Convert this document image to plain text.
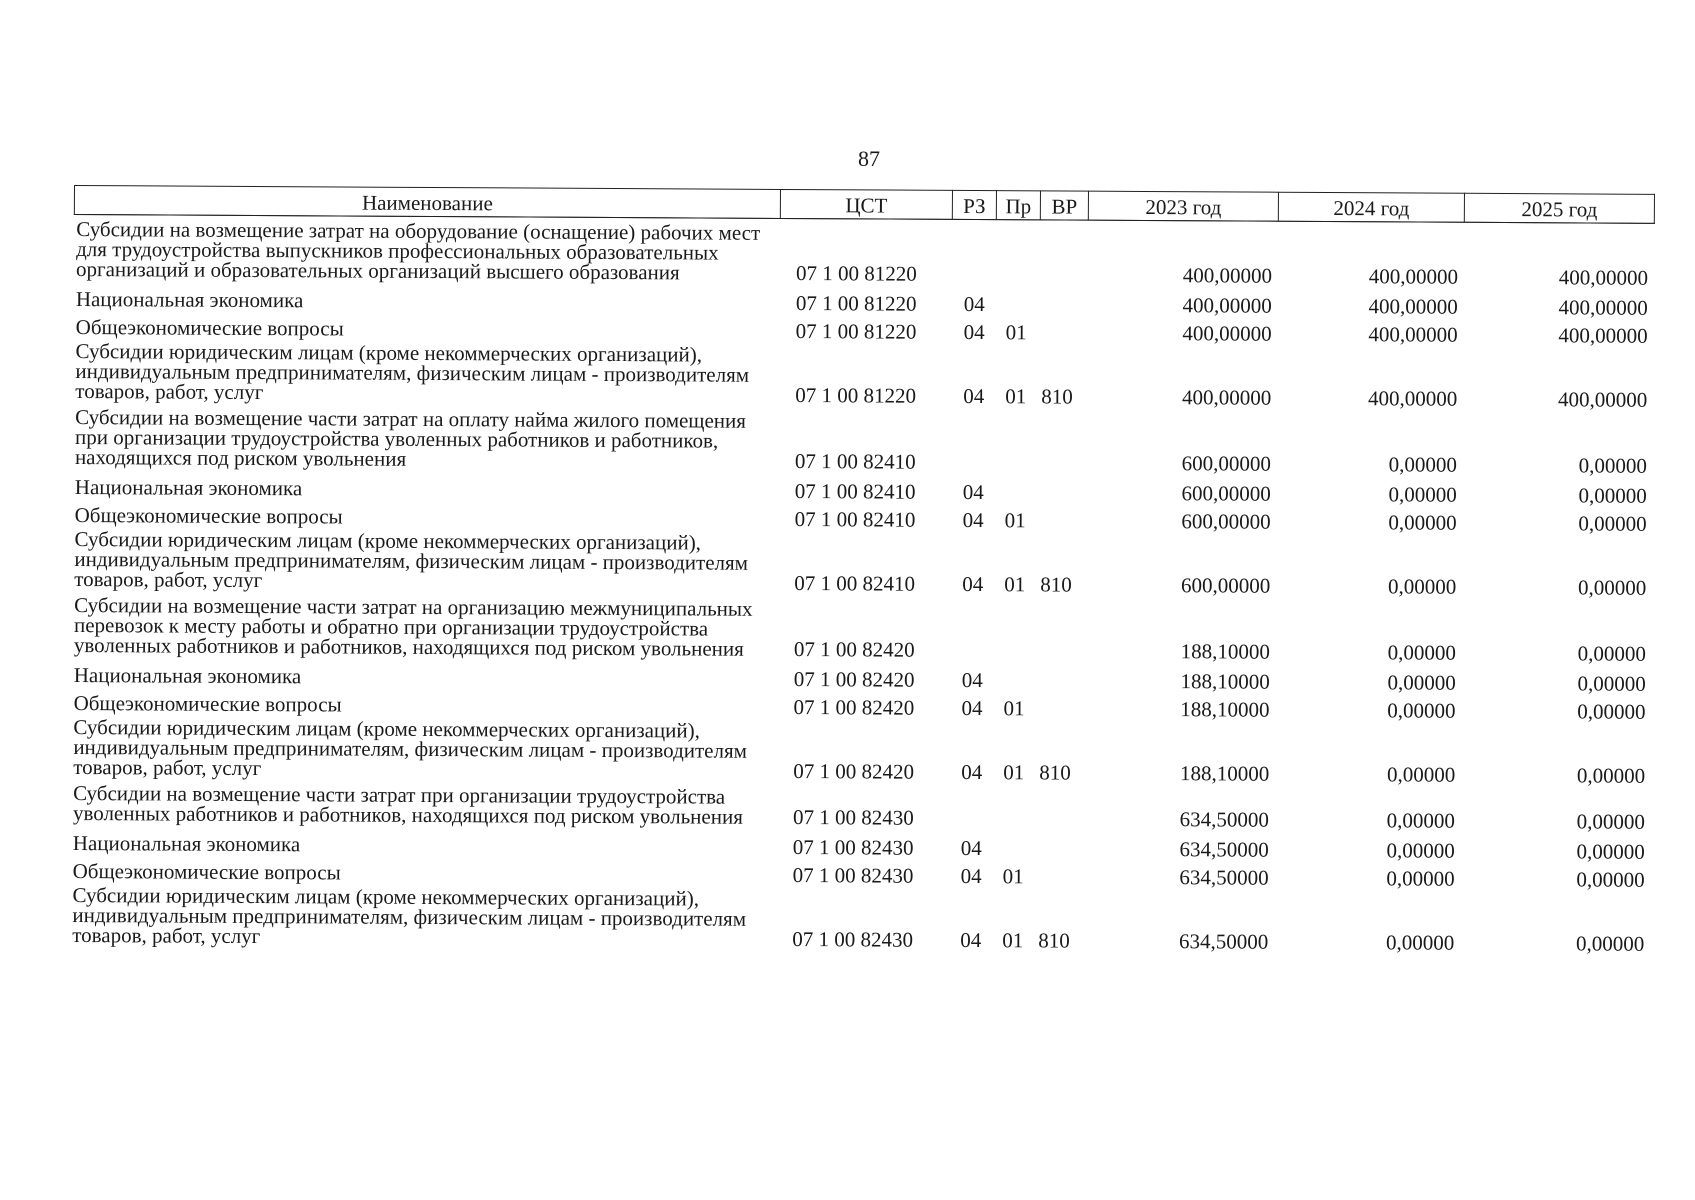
87
Наименование	ЦСТ	РЗ	Пр	ВР	2023 год	2024 год	2025 год
Субсидии на возмещение затрат на оборудование (оснащение) рабочих мест для трудоустройства выпускников профессиональных образовательных организаций и образовательных организаций высшего образования	07 1 00 81220				400,00000	400,00000	400,00000
Национальная экономика	07 1 00 81220	04			400,00000	400,00000	400,00000
Общеэкономические вопросы	07 1 00 81220	04	01		400,00000	400,00000	400,00000
Субсидии юридическим лицам (кроме некоммерческих организаций), индивидуальным предпринимателям, физическим лицам - производителям товаров, работ, услуг	07 1 00 81220	04	01	810	400,00000	400,00000	400,00000
Субсидии на возмещение части затрат на оплату найма жилого помещения при организации трудоустройства уволенных работников и работников, находящихся под риском увольнения	07 1 00 82410				600,00000	0,00000	0,00000
Национальная экономика	07 1 00 82410	04			600,00000	0,00000	0,00000
Общеэкономические вопросы	07 1 00 82410	04	01		600,00000	0,00000	0,00000
Субсидии юридическим лицам (кроме некоммерческих организаций), индивидуальным предпринимателям, физическим лицам - производителям товаров, работ, услуг	07 1 00 82410	04	01	810	600,00000	0,00000	0,00000
Субсидии на возмещение части затрат на организацию межмуниципальных перевозок к месту работы и обратно при организации трудоустройства уволенных работников и работников, находящихся под риском увольнения	07 1 00 82420				188,10000	0,00000	0,00000
Национальная экономика	07 1 00 82420	04			188,10000	0,00000	0,00000
Общеэкономические вопросы	07 1 00 82420	04	01		188,10000	0,00000	0,00000
Субсидии юридическим лицам (кроме некоммерческих организаций), индивидуальным предпринимателям, физическим лицам - производителям товаров, работ, услуг	07 1 00 82420	04	01	810	188,10000	0,00000	0,00000
Субсидии на возмещение части затрат при организации трудоустройства уволенных работников и работников, находящихся под риском увольнения	07 1 00 82430				634,50000	0,00000	0,00000
Национальная экономика	07 1 00 82430	04			634,50000	0,00000	0,00000
Общеэкономические вопросы	07 1 00 82430	04	01		634,50000	0,00000	0,00000
Субсидии юридическим лицам (кроме некоммерческих организаций), индивидуальным предпринимателям, физическим лицам - производителям товаров, работ, услуг	07 1 00 82430	04	01	810	634,50000	0,00000	0,00000
